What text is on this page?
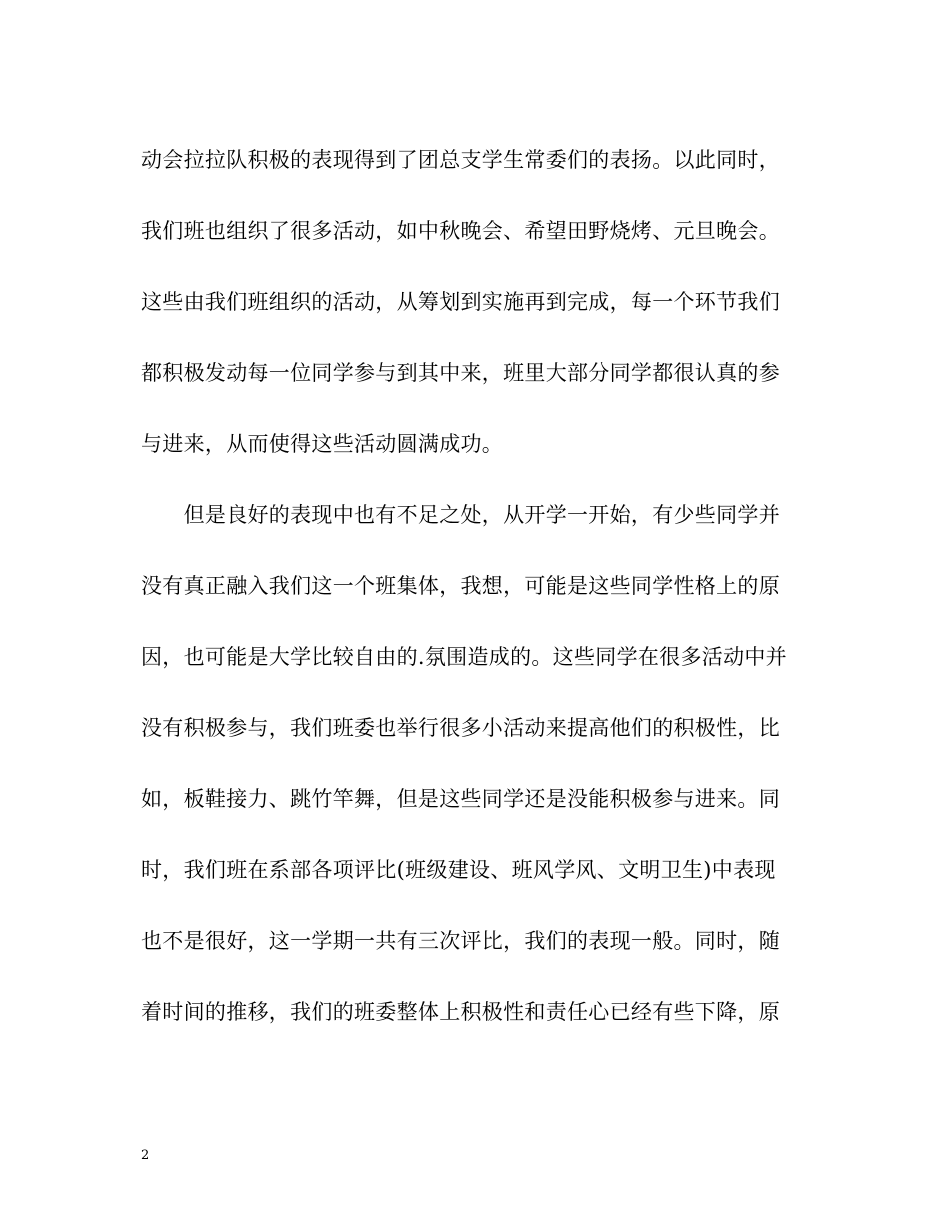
动会拉拉队积极的表现得到了团总支学生常委们的表扬。以此同时，
我们班也组织了很多活动，如中秋晚会、希望田野烧烤、元旦晚会。
这些由我们班组织的活动，从筹划到实施再到完成，每一个环节我们
都积极发动每一位同学参与到其中来，班里大部分同学都很认真的参
与进来，从而使得这些活动圆满成功。
　　但是良好的表现中也有不足之处，从开学一开始，有少些同学并
没有真正融入我们这一个班集体，我想，可能是这些同学性格上的原
因，也可能是大学比较自由的.氛围造成的。这些同学在很多活动中并
没有积极参与，我们班委也举行很多小活动来提高他们的积极性，比
如，板鞋接力、跳竹竿舞，但是这些同学还是没能积极参与进来。同
时，我们班在系部各项评比(班级建设、班风学风、文明卫生)中表现
也不是很好，这一学期一共有三次评比，我们的表现一般。同时，随
着时间的推移，我们的班委整体上积极性和责任心已经有些下降，原
2
